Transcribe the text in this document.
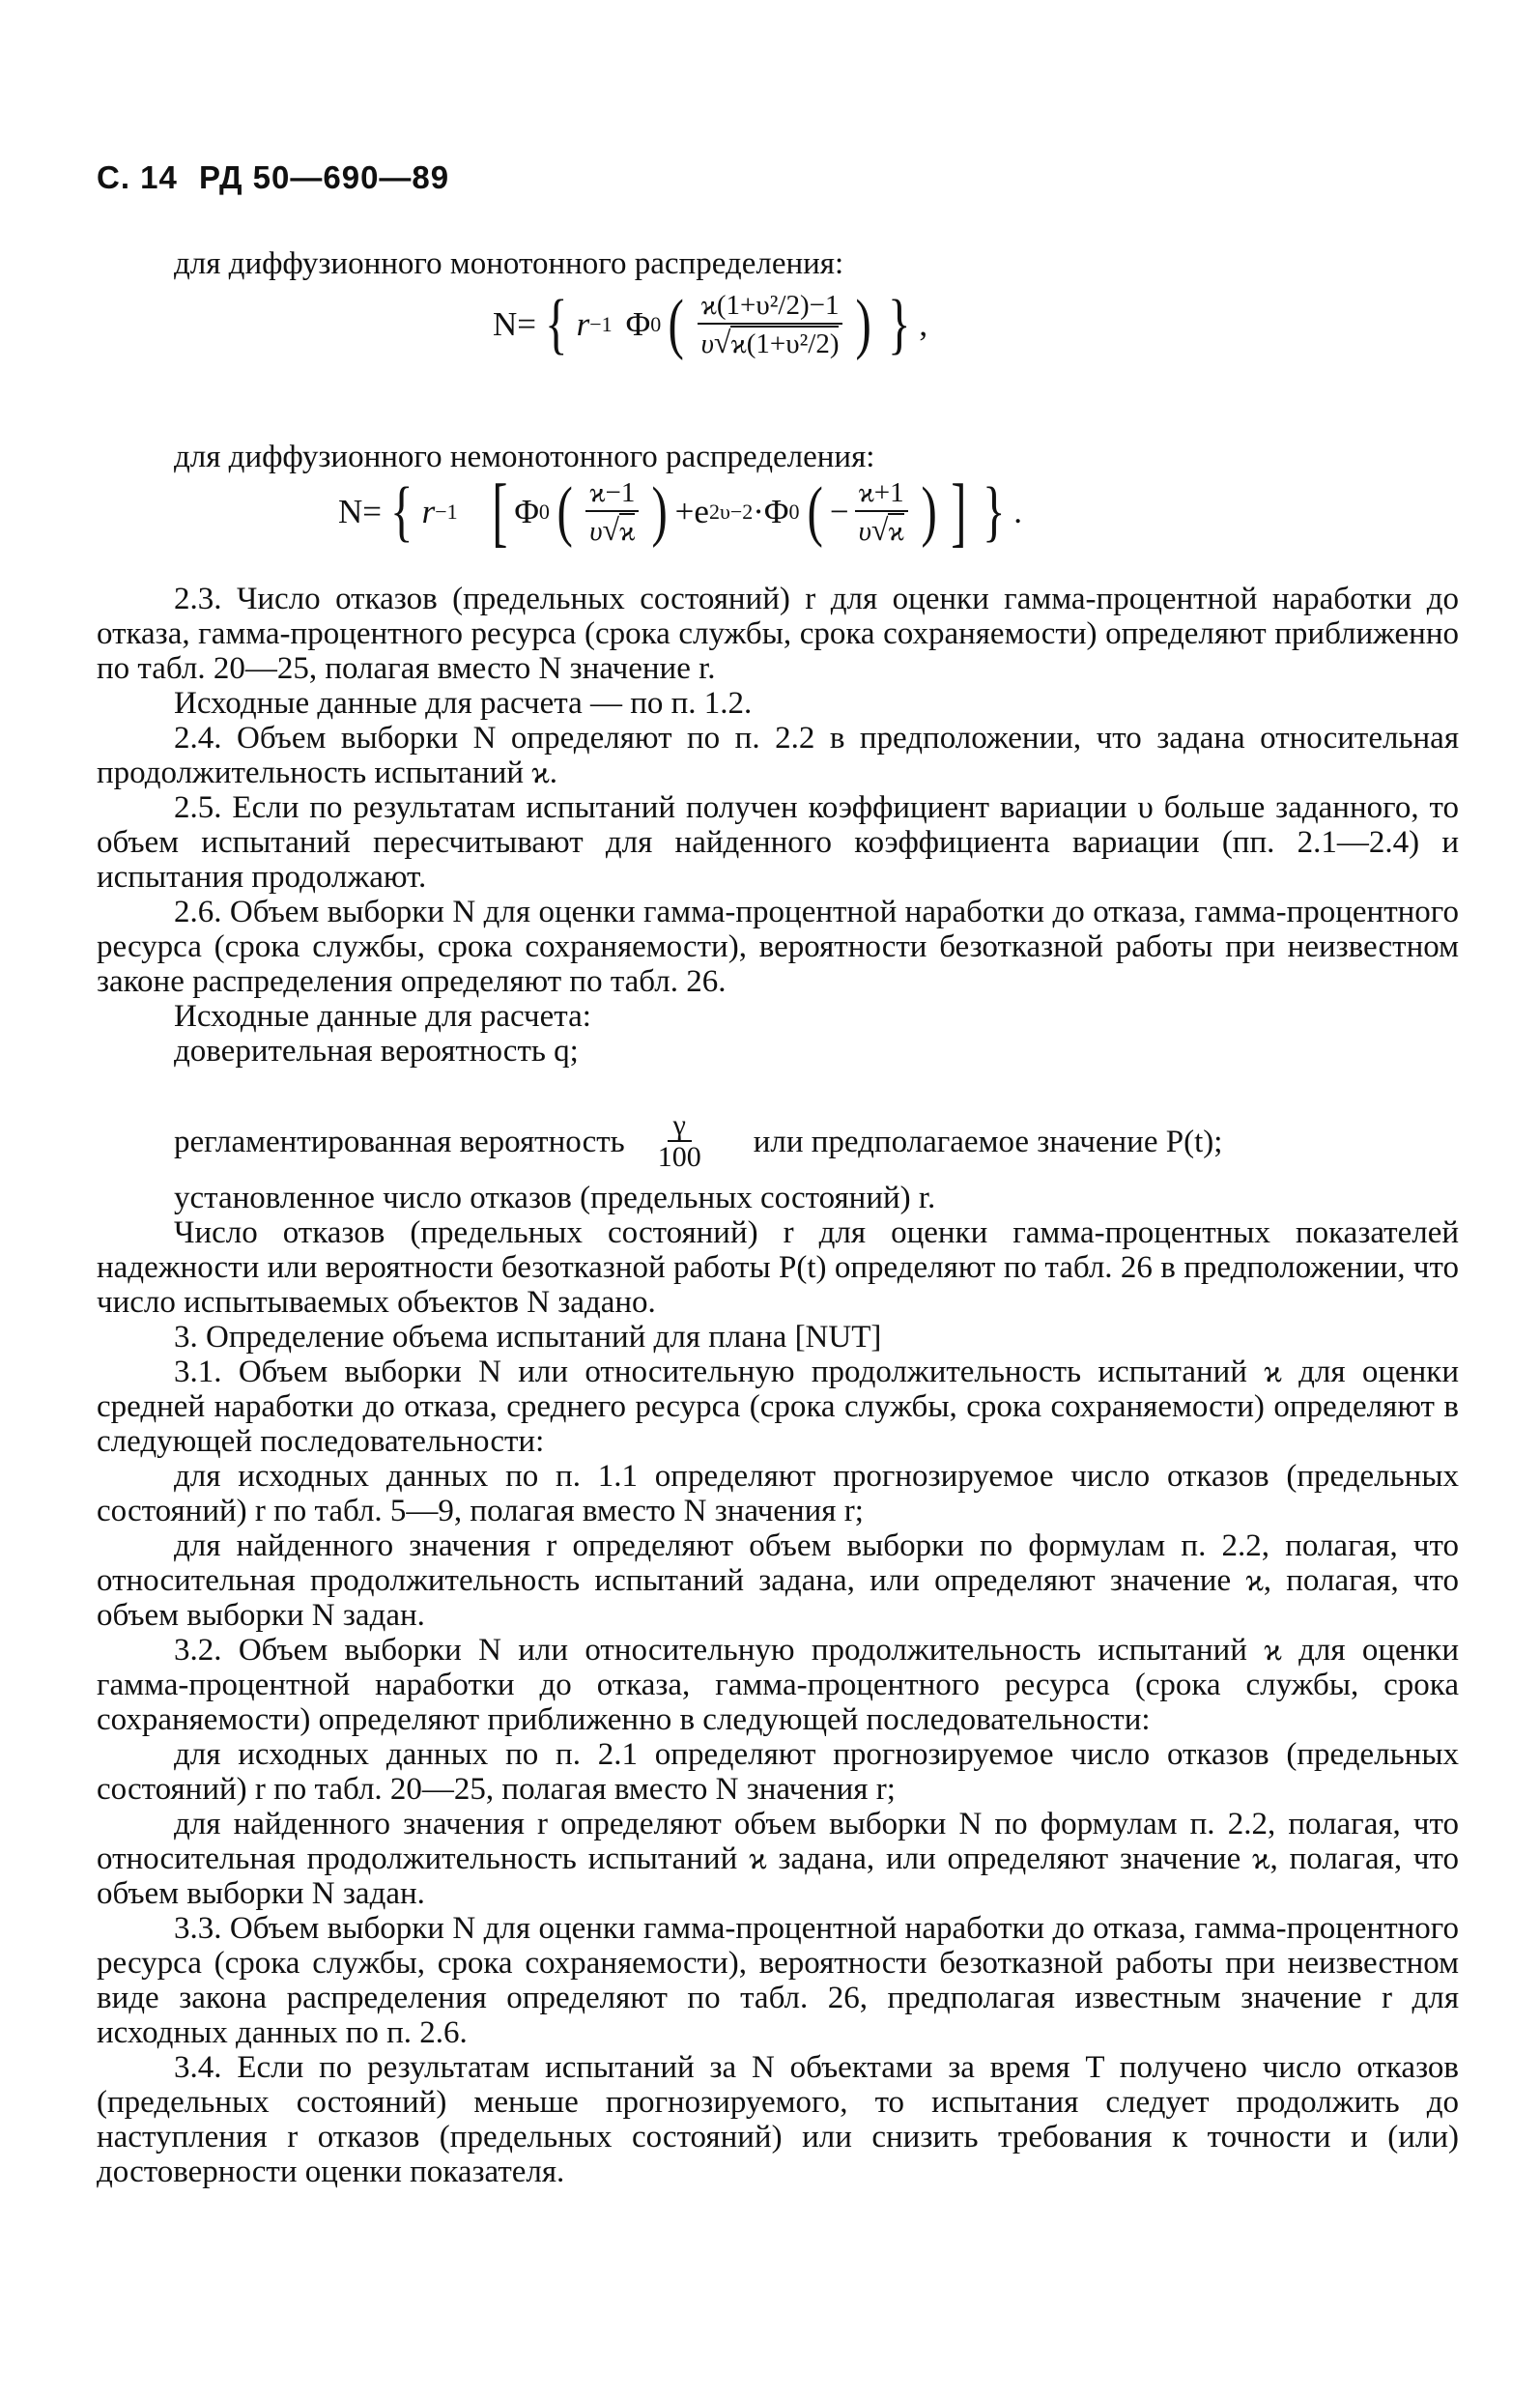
С. 14 РД 50—690—89
для диффузионного монотонного распределения:
N= { r −1 Φ 0 ( $\frac{\text{ϰ(1+υ²/2)−1}}{\text{υ√ϰ(1+υ²/2)}}$ ) } ,
для диффузионного немонотонного распределения:
N= { r −1 [ Φ 0 ( $\frac{ϰ-1}{\upsilon√ϰ}$ ) +e 2υ−2 · Φ 0 ( − $\frac{ϰ+1}{\upsilon√ϰ}$ ) ] } .

2.3. Число отказов (предельных состояний) r для оценки гамма-процентной наработки до отказа, гамма-процентного ресурса (срока службы, срока сохраняемости) определяют приближенно по табл. 20—25, полагая вместо N значение r.

Исходные данные для расчета — по п. 1.2.

2.4. Объем выборки N определяют по п. 2.2 в предположении, что задана относительная продолжительность испытаний ϰ.

2.5. Если по результатам испытаний получен коэффициент вариации υ больше заданного, то объем испытаний пересчитывают для найденного коэффициента вариации (пп. 2.1—2.4) и испытания продолжают.

2.6. Объем выборки N для оценки гамма-процентной наработки до отказа, гамма-процентного ресурса (срока службы, срока сохраняемости), вероятности безотказной работы при неизвестном законе распределения определяют по табл. 26.

Исходные данные для расчета:

доверительная вероятность q;

регламентированная вероятность $\frac{\gamma}{100}$ или предполагаемое значение P(t);

установленное число отказов (предельных состояний) r.

Число отказов (предельных состояний) r для оценки гамма-процентных показателей надежности или вероятности безотказной работы P(t) определяют по табл. 26 в предположении, что число испытываемых объектов N задано.

3. Определение объема испытаний для плана [NUT]

3.1. Объем выборки N или относительную продолжительность испытаний ϰ для оценки средней наработки до отказа, среднего ресурса (срока службы, срока сохраняемости) определяют в следующей последовательности:

для исходных данных по п. 1.1 определяют прогнозируемое число отказов (предельных состояний) r по табл. 5—9, полагая вместо N значения r;

для найденного значения r определяют объем выборки по формулам п. 2.2, полагая, что относительная продолжительность испытаний задана, или определяют значение ϰ, полагая, что объем выборки N задан.

3.2. Объем выборки N или относительную продолжительность испытаний ϰ для оценки гамма-процентной наработки до отказа, гамма-процентного ресурса (срока службы, срока сохраняемости) определяют приближенно в следующей последовательности:

для исходных данных по п. 2.1 определяют прогнозируемое число отказов (предельных состояний) r по табл. 20—25, полагая вместо N значения r;

для найденного значения r определяют объем выборки N по формулам п. 2.2, полагая, что относительная продолжительность испытаний ϰ задана, или определяют значение ϰ, полагая, что объем выборки N задан.

3.3. Объем выборки N для оценки гамма-процентной наработки до отказа, гамма-процентного ресурса (срока службы, срока сохраняемости), вероятности безотказной работы при неизвестном виде закона распределения определяют по табл. 26, предполагая известным значение r для исходных данных по п. 2.6.

3.4. Если по результатам испытаний за N объектами за время T получено число отказов (предельных состояний) меньше прогнозируемого, то испытания следует продолжить до наступления r отказов (предельных состояний) или снизить требования к точности и (или) достоверности оценки показателя.
